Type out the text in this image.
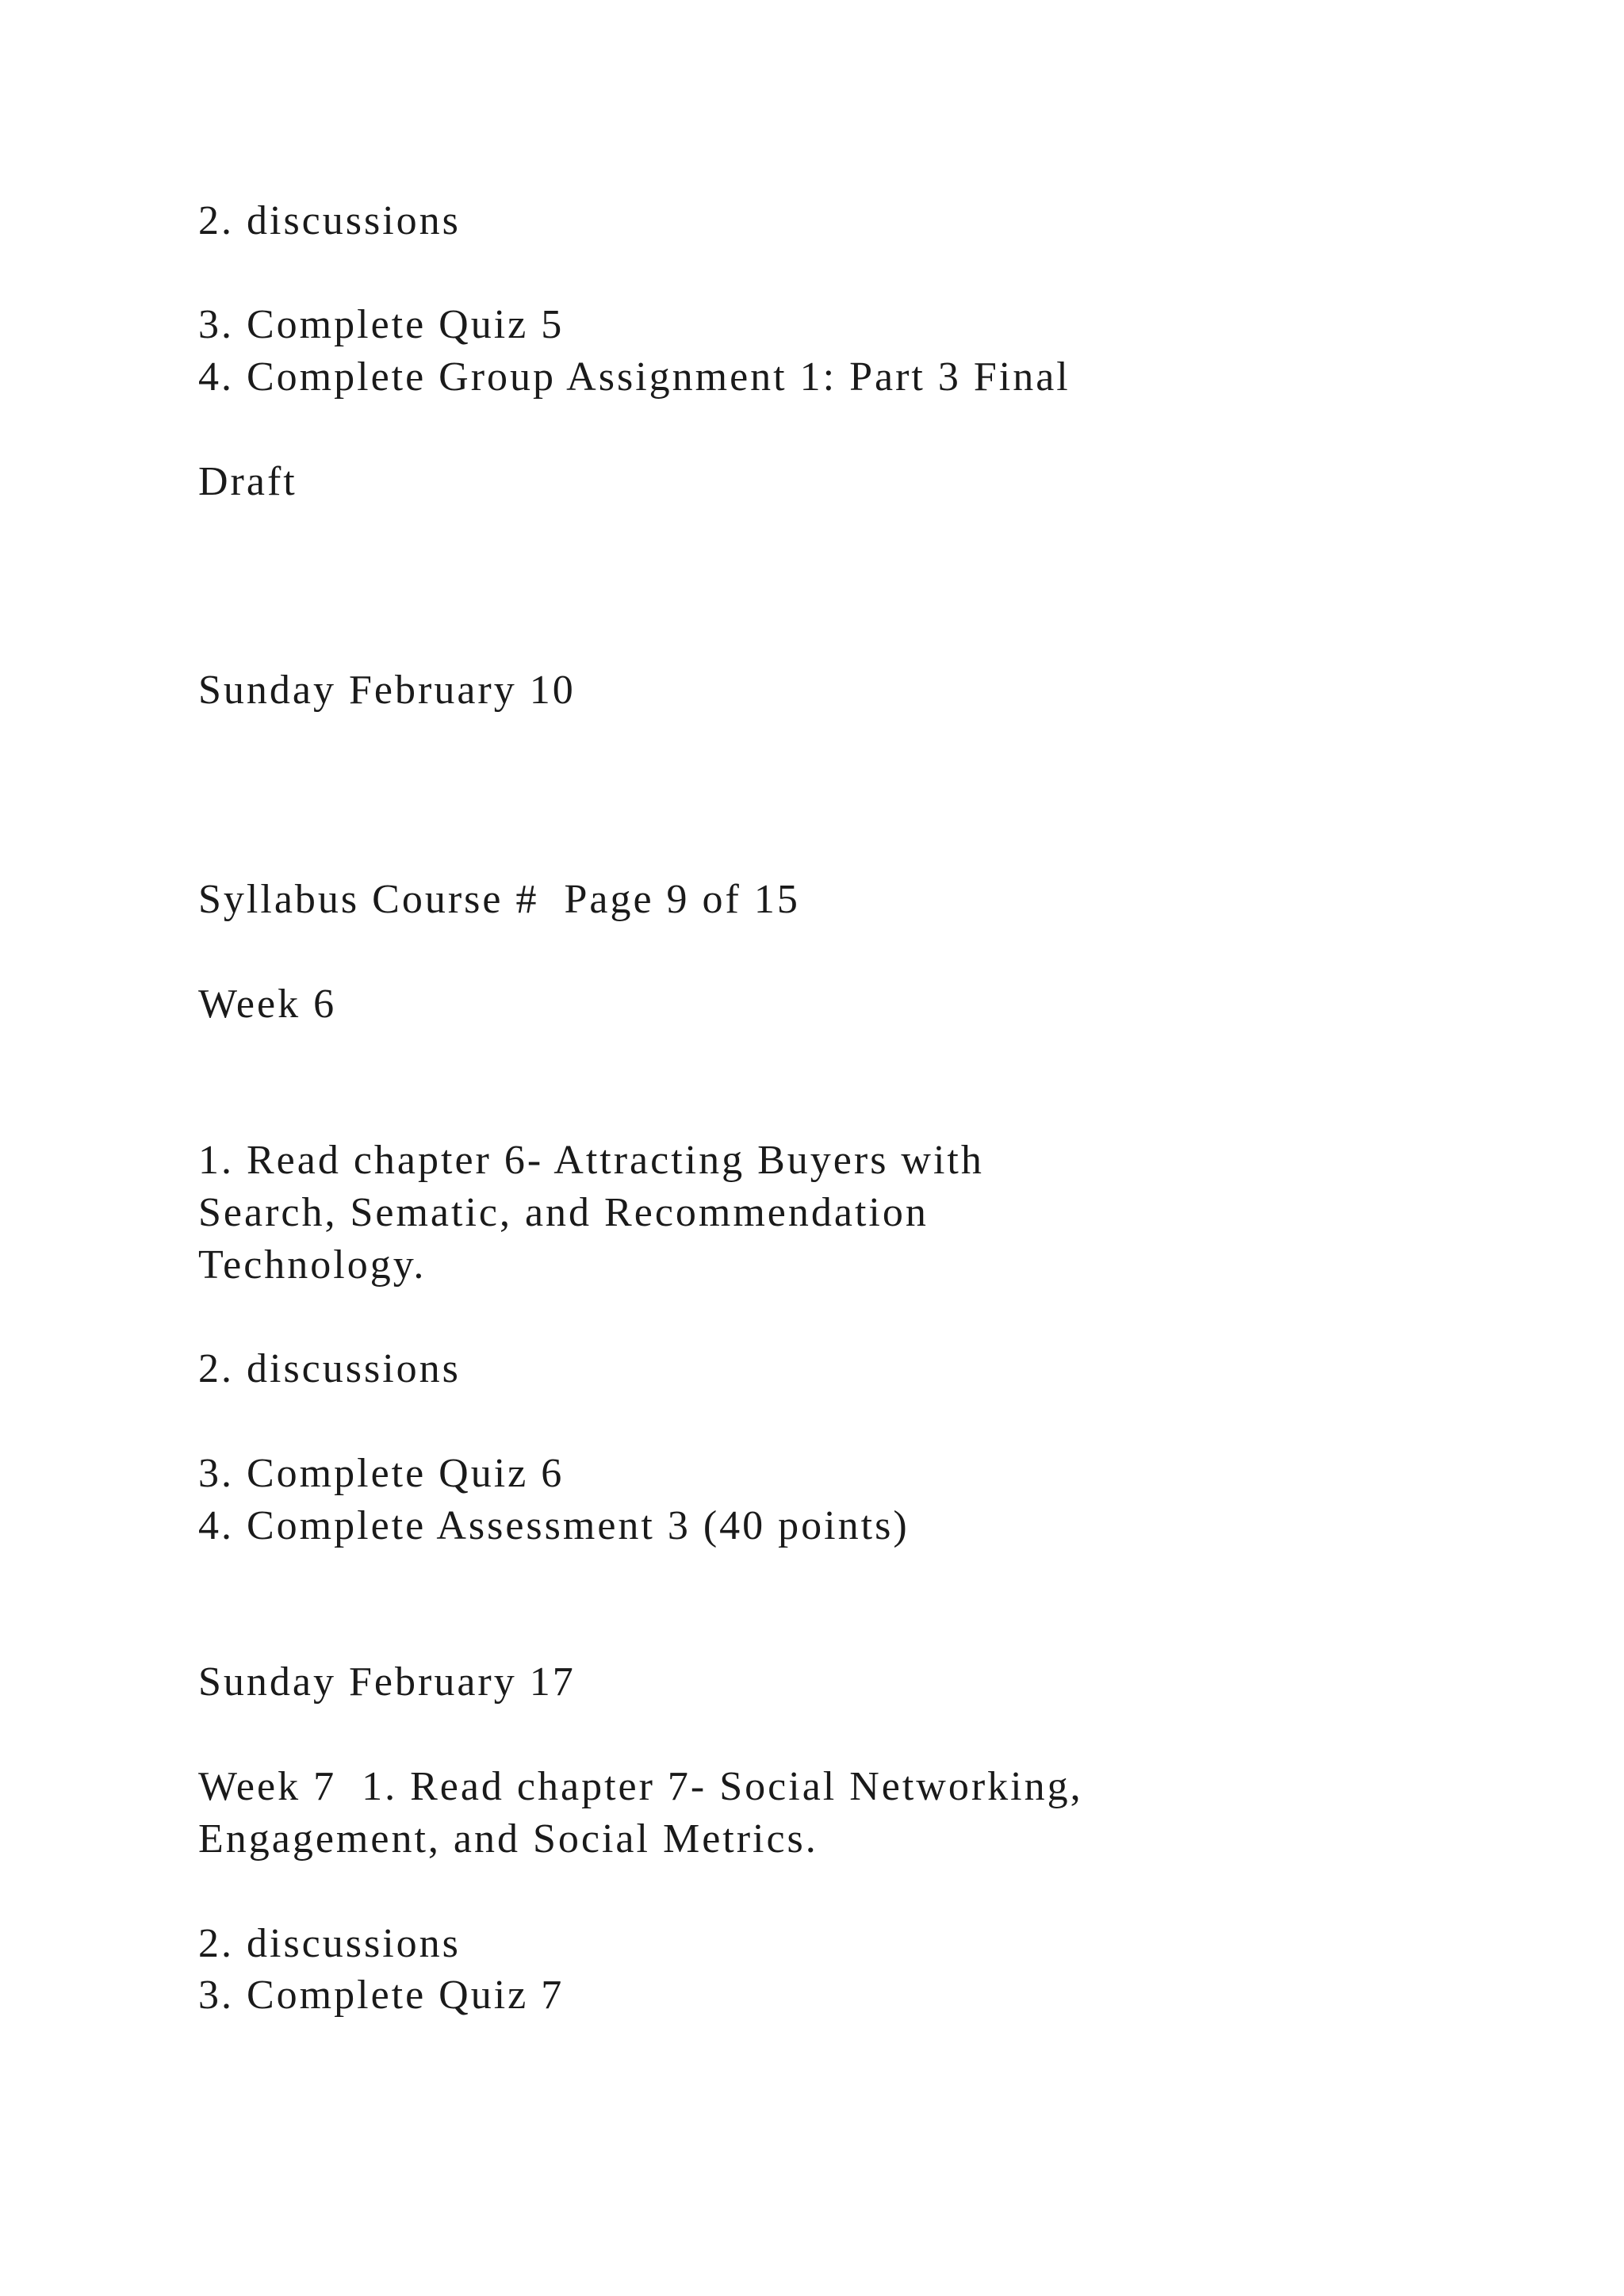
2. discussions

3. Complete Quiz 5

4. Complete Group Assignment 1: Part 3 Final

Draft

Sunday February 10

Syllabus Course #  Page 9 of 15

Week 6

1. Read chapter 6- Attracting Buyers with

Search, Sematic, and Recommendation

Technology.

2. discussions

3. Complete Quiz 6

4. Complete Assessment 3 (40 points)

Sunday February 17

Week 7  1. Read chapter 7- Social Networking,

Engagement, and Social Metrics.

2. discussions

3. Complete Quiz 7
